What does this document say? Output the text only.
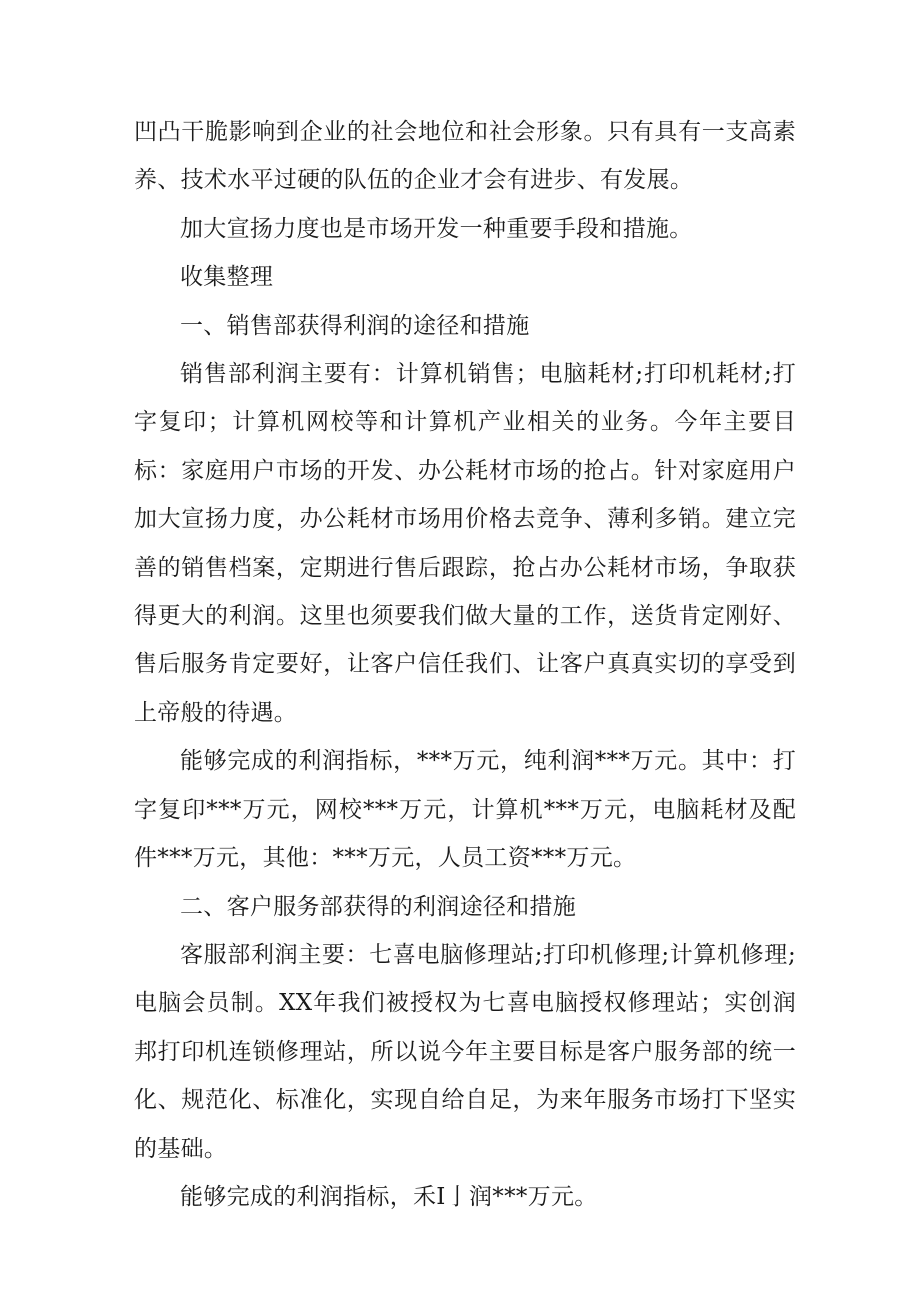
凹凸干脆影响到企业的社会地位和社会形象。只有具有一支高素养、技术水平过硬的队伍的企业才会有进步、有发展。

加大宣扬力度也是市场开发一种重要手段和措施。

收集整理

一、销售部获得利润的途径和措施

销售部利润主要有：计算机销售；电脑耗材;打印机耗材;打字复印；计算机网校等和计算机产业相关的业务。今年主要目标：家庭用户市场的开发、办公耗材市场的抢占。针对家庭用户加大宣扬力度，办公耗材市场用价格去竞争、薄利多销。建立完善的销售档案，定期进行售后跟踪，抢占办公耗材市场，争取获得更大的利润。这里也须要我们做大量的工作，送货肯定刚好、售后服务肯定要好，让客户信任我们、让客户真真实切的享受到上帝般的待遇。

能够完成的利润指标，***万元，纯利润***万元。其中：打字复印***万元，网校***万元，计算机***万元，电脑耗材及配件***万元，其他：***万元，人员工资***万元。

二、客户服务部获得的利润途径和措施

客服部利润主要：七喜电脑修理站;打印机修理;计算机修理;电脑会员制。XX年我们被授权为七喜电脑授权修理站；实创润邦打印机连锁修理站，所以说今年主要目标是客户服务部的统一化、规范化、标准化，实现自给自足，为来年服务市场打下坚实的基础。

能够完成的利润指标，禾I亅润***万元。
